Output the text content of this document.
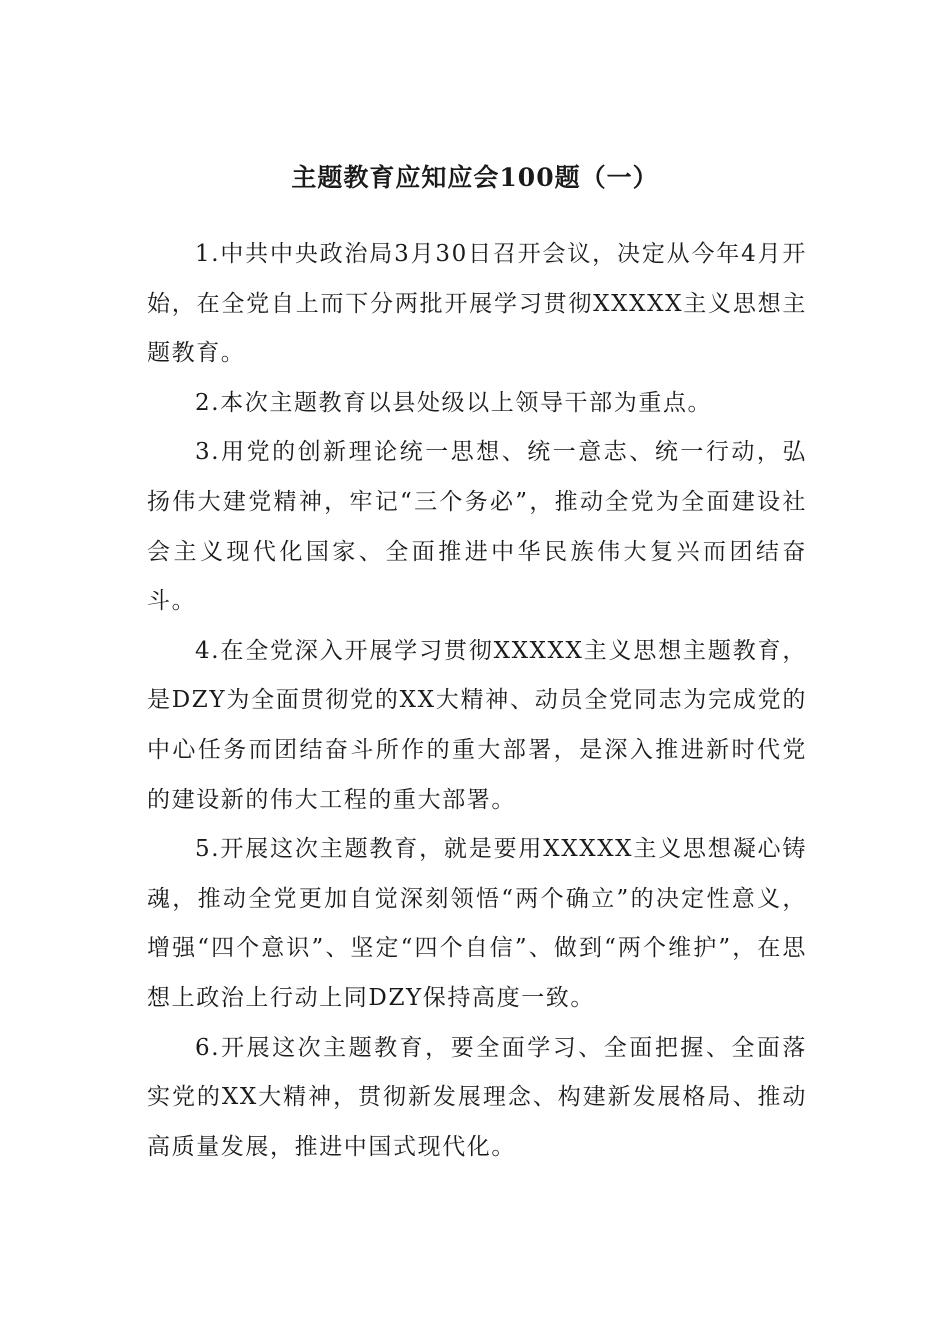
主题教育应知应会100题（一）

1.中共中央政治局3月30日召开会议，决定从今年4月开始，在全党自上而下分两批开展学习贯彻XXXXX主义思想主题教育。

2.本次主题教育以县处级以上领导干部为重点。

3.用党的创新理论统一思想、统一意志、统一行动，弘扬伟大建党精神，牢记“三个务必”，推动全党为全面建设社会主义现代化国家、全面推进中华民族伟大复兴而团结奋斗。

4.在全党深入开展学习贯彻XXXXX主义思想主题教育，是DZY为全面贯彻党的XX大精神、动员全党同志为完成党的中心任务而团结奋斗所作的重大部署，是深入推进新时代党的建设新的伟大工程的重大部署。

5.开展这次主题教育，就是要用XXXXX主义思想凝心铸魂，推动全党更加自觉深刻领悟“两个确立”的决定性意义，增强“四个意识”、坚定“四个自信”、做到“两个维护”，在思想上政治上行动上同DZY保持高度一致。

6.开展这次主题教育，要全面学习、全面把握、全面落实党的XX大精神，贯彻新发展理念、构建新发展格局、推动高质量发展，推进中国式现代化。
